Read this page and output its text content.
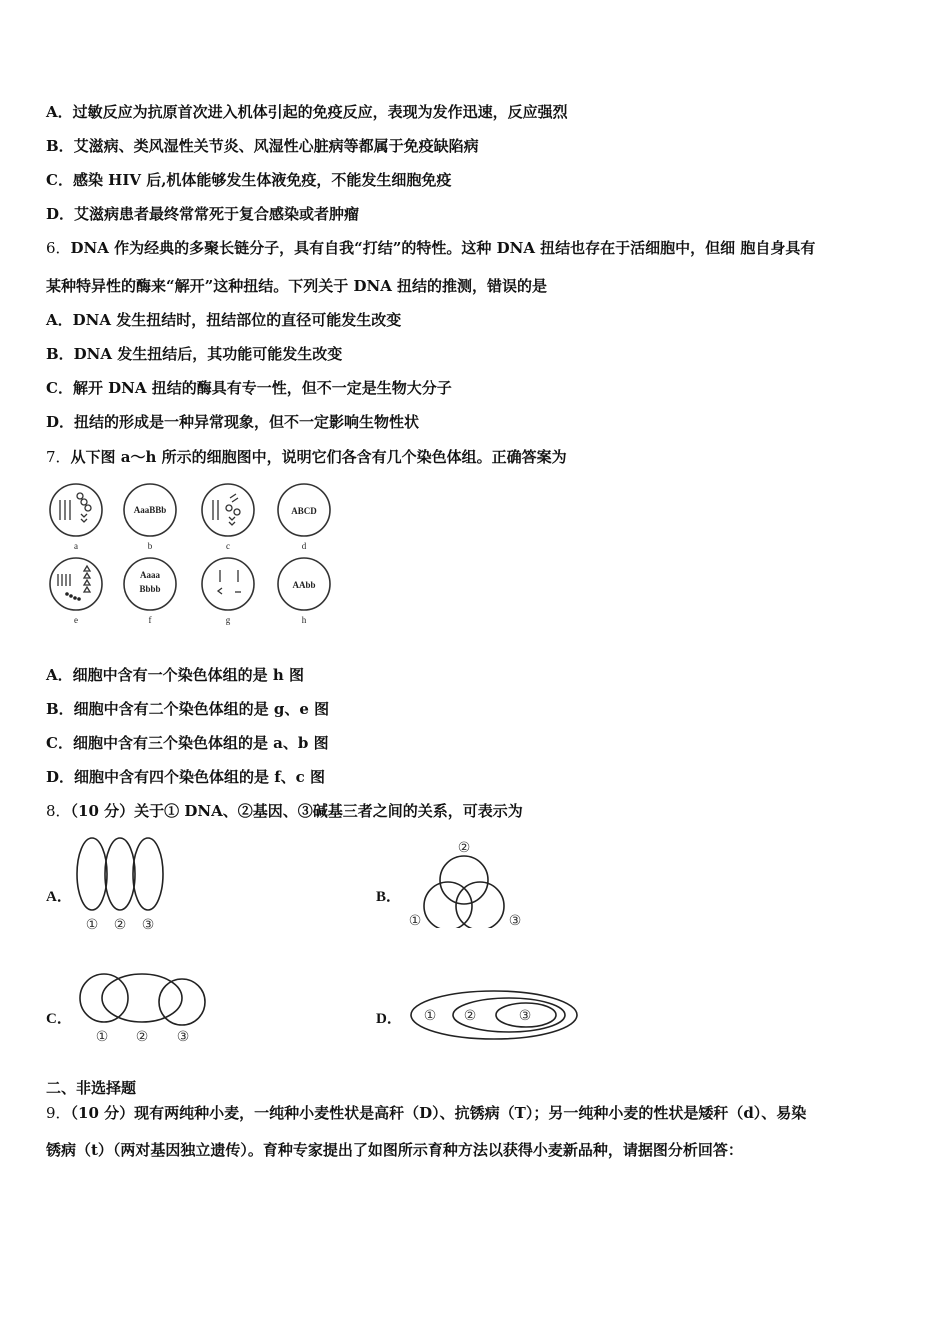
A．过敏反应为抗原首次进入机体引起的免疫反应，表现为发作迅速，反应强烈
B．艾滋病、类风湿性关节炎、风湿性心脏病等都属于免疫缺陷病
C．感染 HIV 后,机体能够发生体液免疫，不能发生细胞免疫
D．艾滋病患者最终常常死于复合感染或者肿瘤
6．DNA 作为经典的多聚长链分子，具有自我“打结”的特性。这种 DNA 扭结也存在于活细胞中，但细 胞自身具有
某种特异性的酶来“解开”这种扭结。下列关于 DNA 扭结的推测，错误的是
A．DNA 发生扭结时，扭结部位的直径可能发生改变
B．DNA 发生扭结后，其功能可能发生改变
C．解开 DNA 扭结的酶具有专一性，但不一定是生物大分子
D．扭结的形成是一种异常现象，但不一定影响生物性状
7．从下图 a～h 所示的细胞图中，说明它们各含有几个染色体组。正确答案为
AaaBBb	ABCD
Aaaa
Bbbb	AAbb
a	b	c	d
e	f	g	h
A．细胞中含有一个染色体组的是 h 图
B．细胞中含有二个染色体组的是 g、e 图
C．细胞中含有三个染色体组的是 a、b 图
D．细胞中含有四个染色体组的是 f、c 图
8．（10 分）关于① DNA、②基因、③碱基三者之间的关系，可表示为
A．
① ② ③
B．
②
①	③
C．
① ② ③
D． ① ②	③
二、非选择题
9．（10 分）现有两纯种小麦，一纯种小麦性状是高秆（D）、抗锈病（T）；另一纯种小麦的性状是矮秆（d）、易染
锈病（t）（两对基因独立遗传）。育种专家提出了如图所示育种方法以获得小麦新品种，请据图分析回答：
